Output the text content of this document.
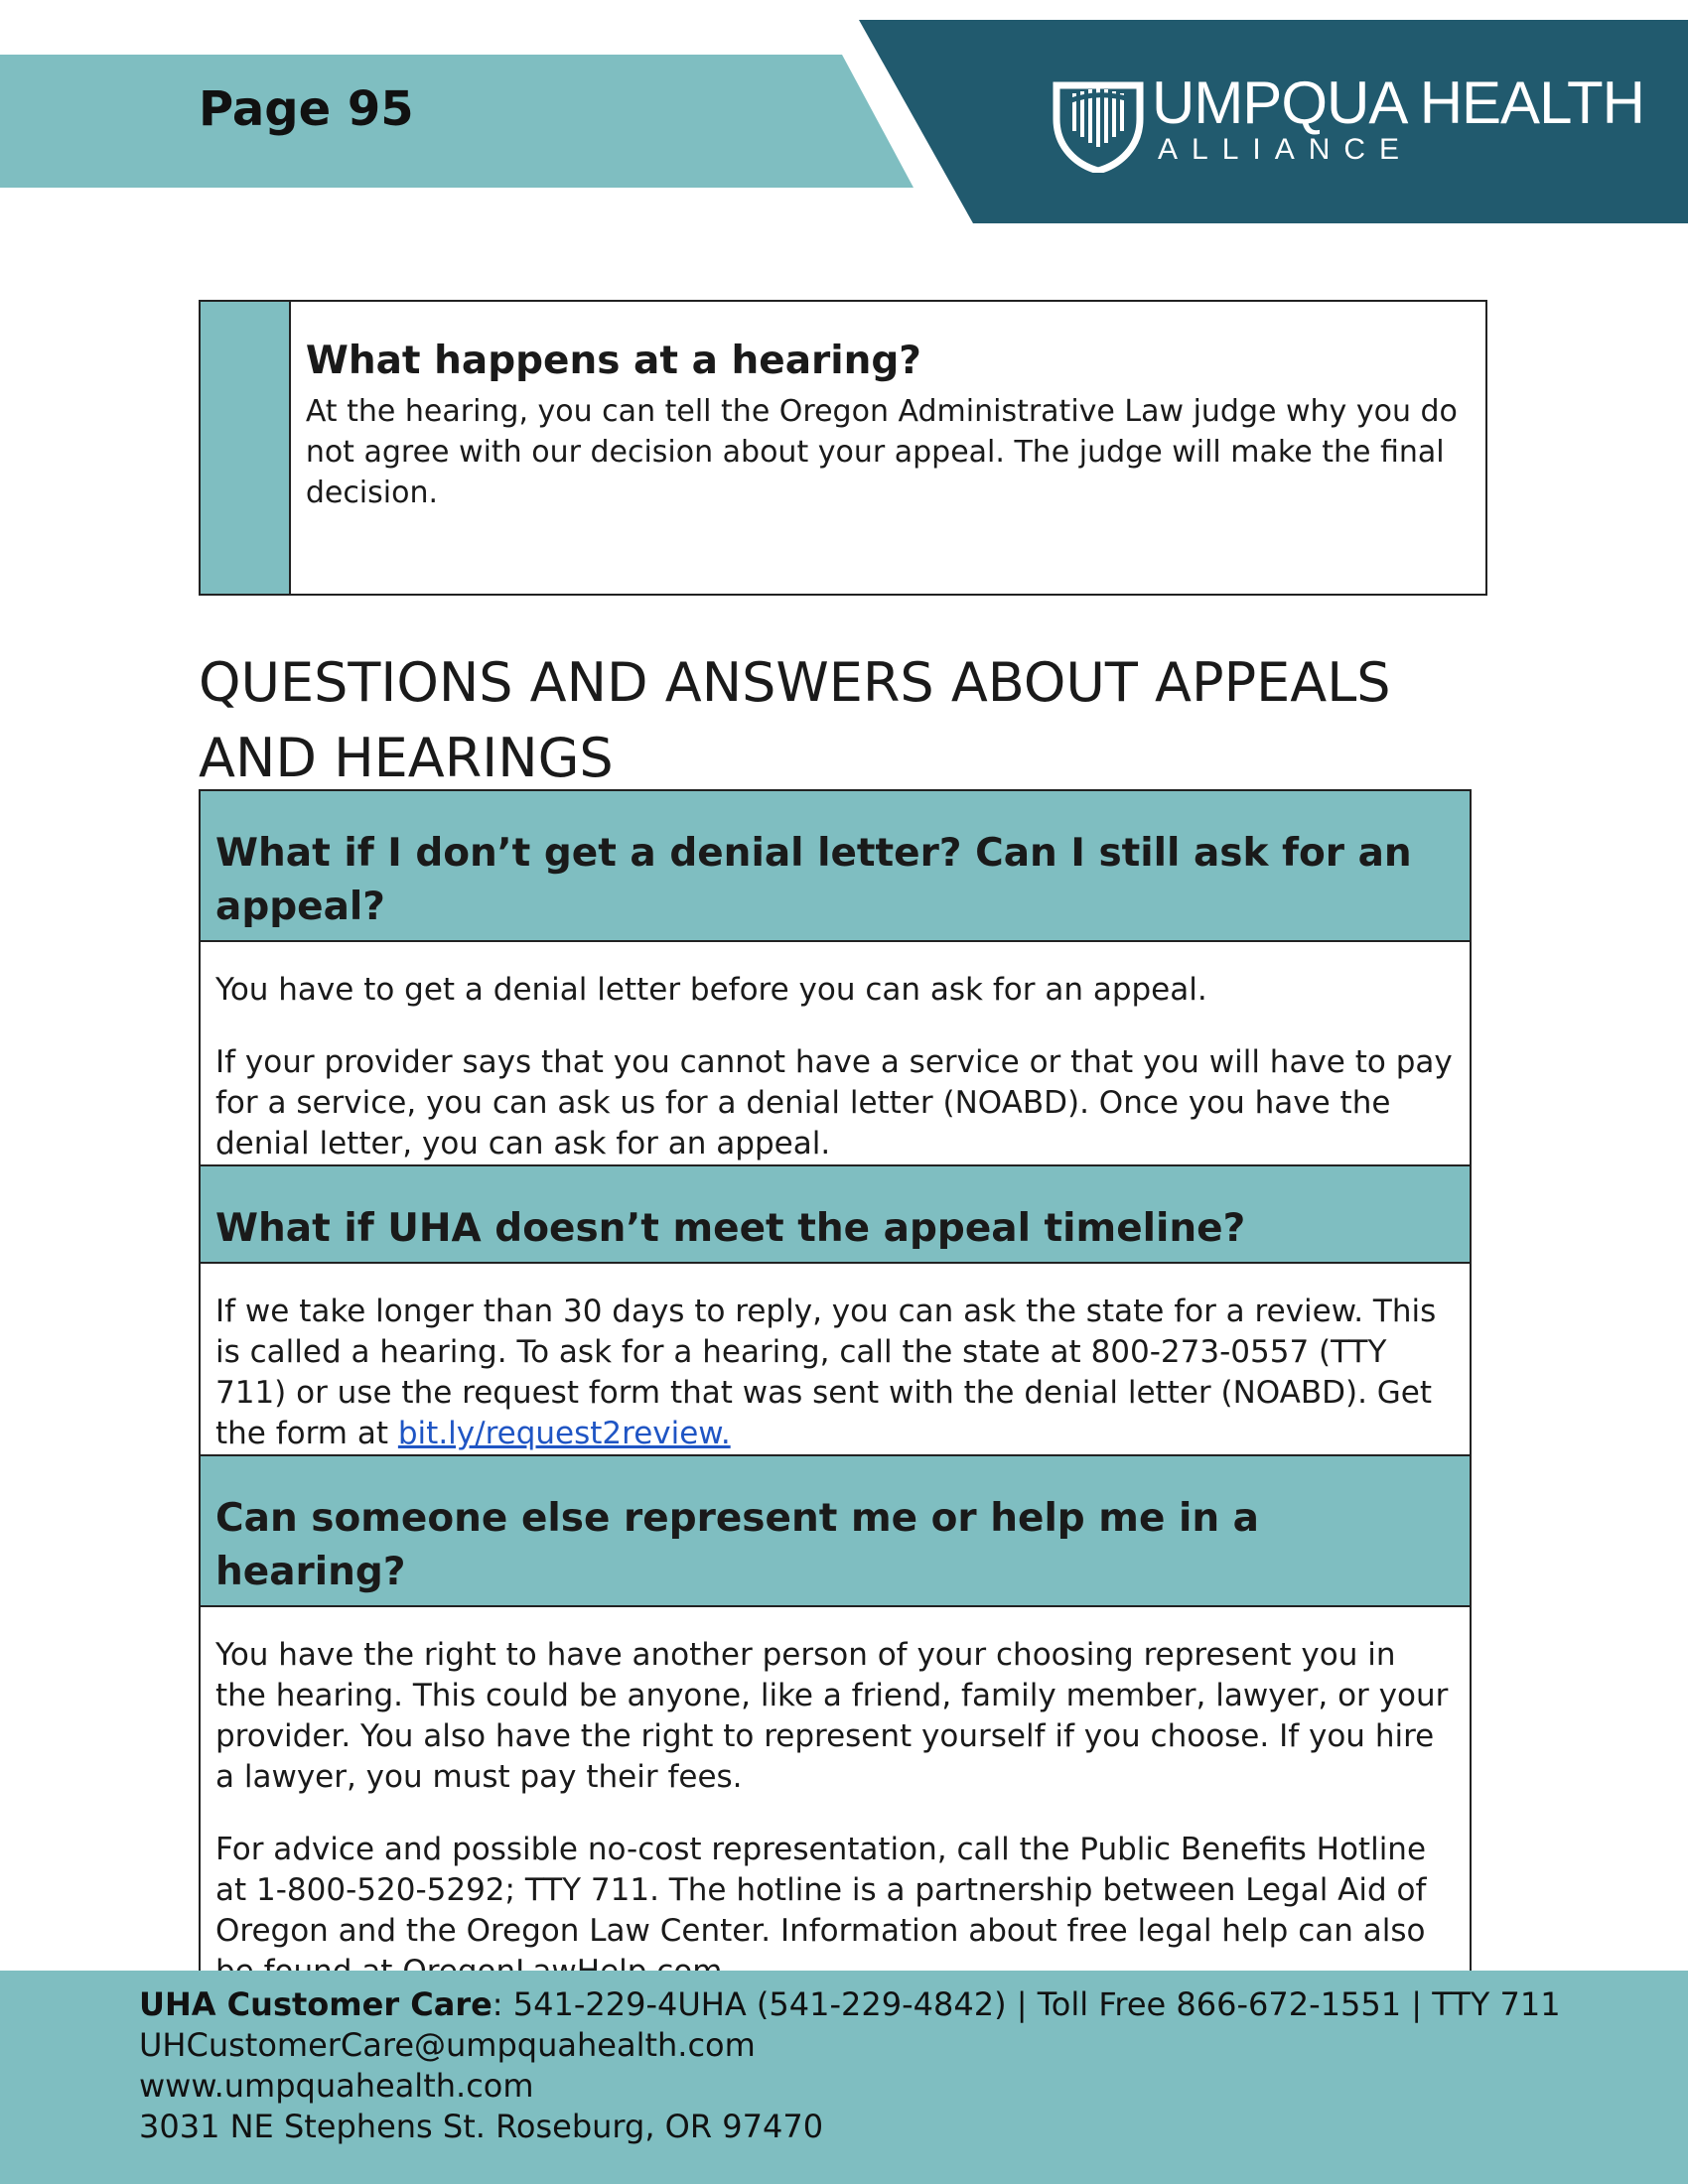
Page 95	UMPQUA HEALTH
ALLIANCE
What happens at a hearing?

At the hearing, you can tell the Oregon Administrative Law judge why you do not agree with our decision about your appeal. The judge will make the final decision.

QUESTIONS AND ANSWERS ABOUT APPEALS AND HEARINGS
What if I don’t get a denial letter? Can I still ask for an appeal?

You have to get a denial letter before you can ask for an appeal.

If your provider says that you cannot have a service or that you will have to pay for a service, you can ask us for a denial letter (NOABD). Once you have the denial letter, you can ask for an appeal.

What if UHA doesn’t meet the appeal timeline?

If we take longer than 30 days to reply, you can ask the state for a review. This is called a hearing. To ask for a hearing, call the state at 800-273-0557 (TTY 711) or use the request form that was sent with the denial letter (NOABD). Get the form at bit.ly/request2review.

Can someone else represent me or help me in a hearing?

You have the right to have another person of your choosing represent you in the hearing. This could be anyone, like a friend, family member, lawyer, or your provider. You also have the right to represent yourself if you choose. If you hire a lawyer, you must pay their fees.

For advice and possible no-cost representation, call the Public Benefits Hotline at 1-800-520-5292; TTY 711. The hotline is a partnership between Legal Aid of Oregon and the Oregon Law Center. Information about free legal help can also

UHA Customer Care: 541-229-4UHA (541-229-4842) | Toll Free 866-672-1551 | TTY 711
UHCustomerCare@umpquahealth.com
www.umpquahealth.com
3031 NE Stephens St. Roseburg, OR 97470
